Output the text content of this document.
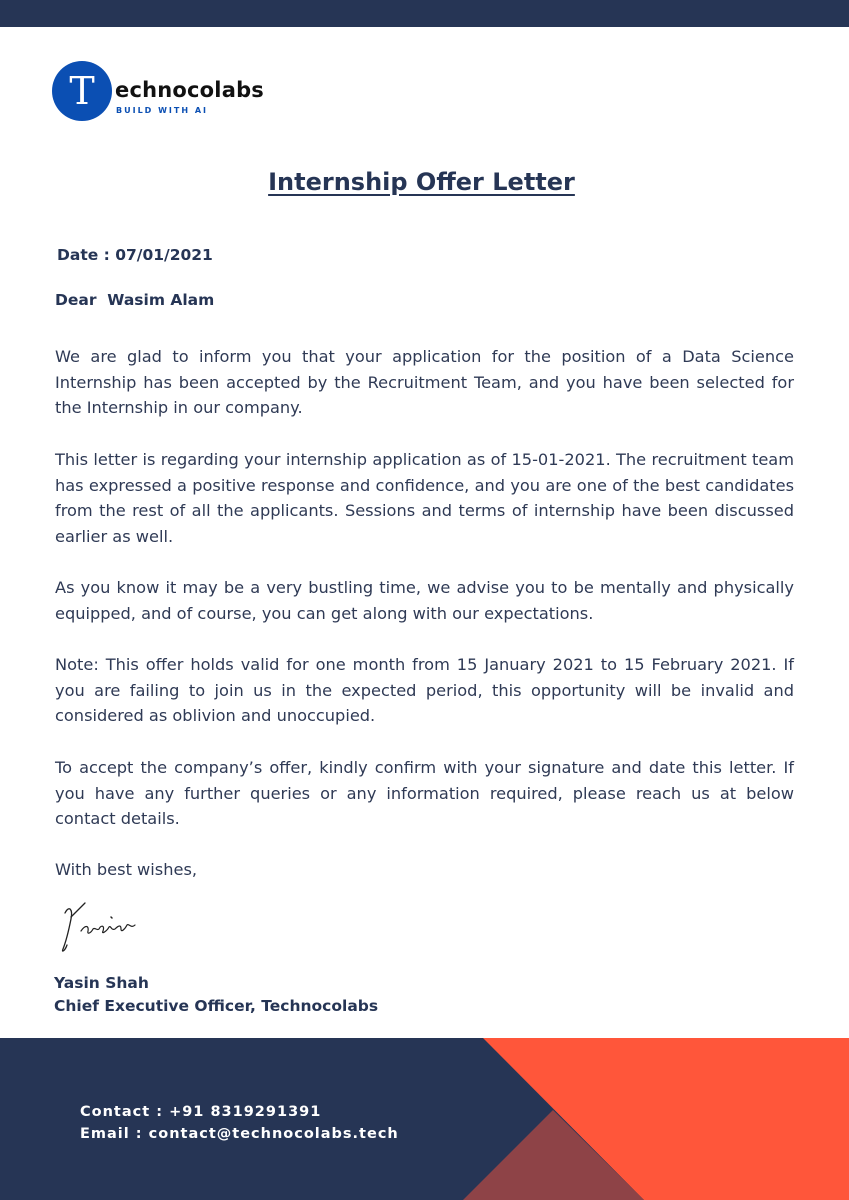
T echnocolabs
BUILD WITH AI
Internship Offer Letter
Date : 07/01/2021
Dear  Wasim Alam

We are glad to inform you that your application for the position of a Data Science Internship has been accepted by the Recruitment Team, and you have been selected for the Internship in our company.

This letter is regarding your internship application as of 15-01-2021. The recruitment team has expressed a positive response and confidence, and you are one of the best candidates from the rest of all the applicants. Sessions and terms of internship have been discussed earlier as well.

As you know it may be a very bustling time, we advise you to be mentally and physically equipped, and of course, you can get along with our expectations.

Note: This offer holds valid for one month from 15 January 2021 to 15 February 2021. If you are failing to join us in the expected period, this opportunity will be invalid and considered as oblivion and unoccupied.

To accept the company’s offer, kindly confirm with your signature and date this letter. If you have any further queries or any information required, please reach us at below contact details.

With best wishes,
Yasin Shah
Chief Executive Officer, Technocolabs
Contact : +91 8319291391
Email : contact@technocolabs.tech
